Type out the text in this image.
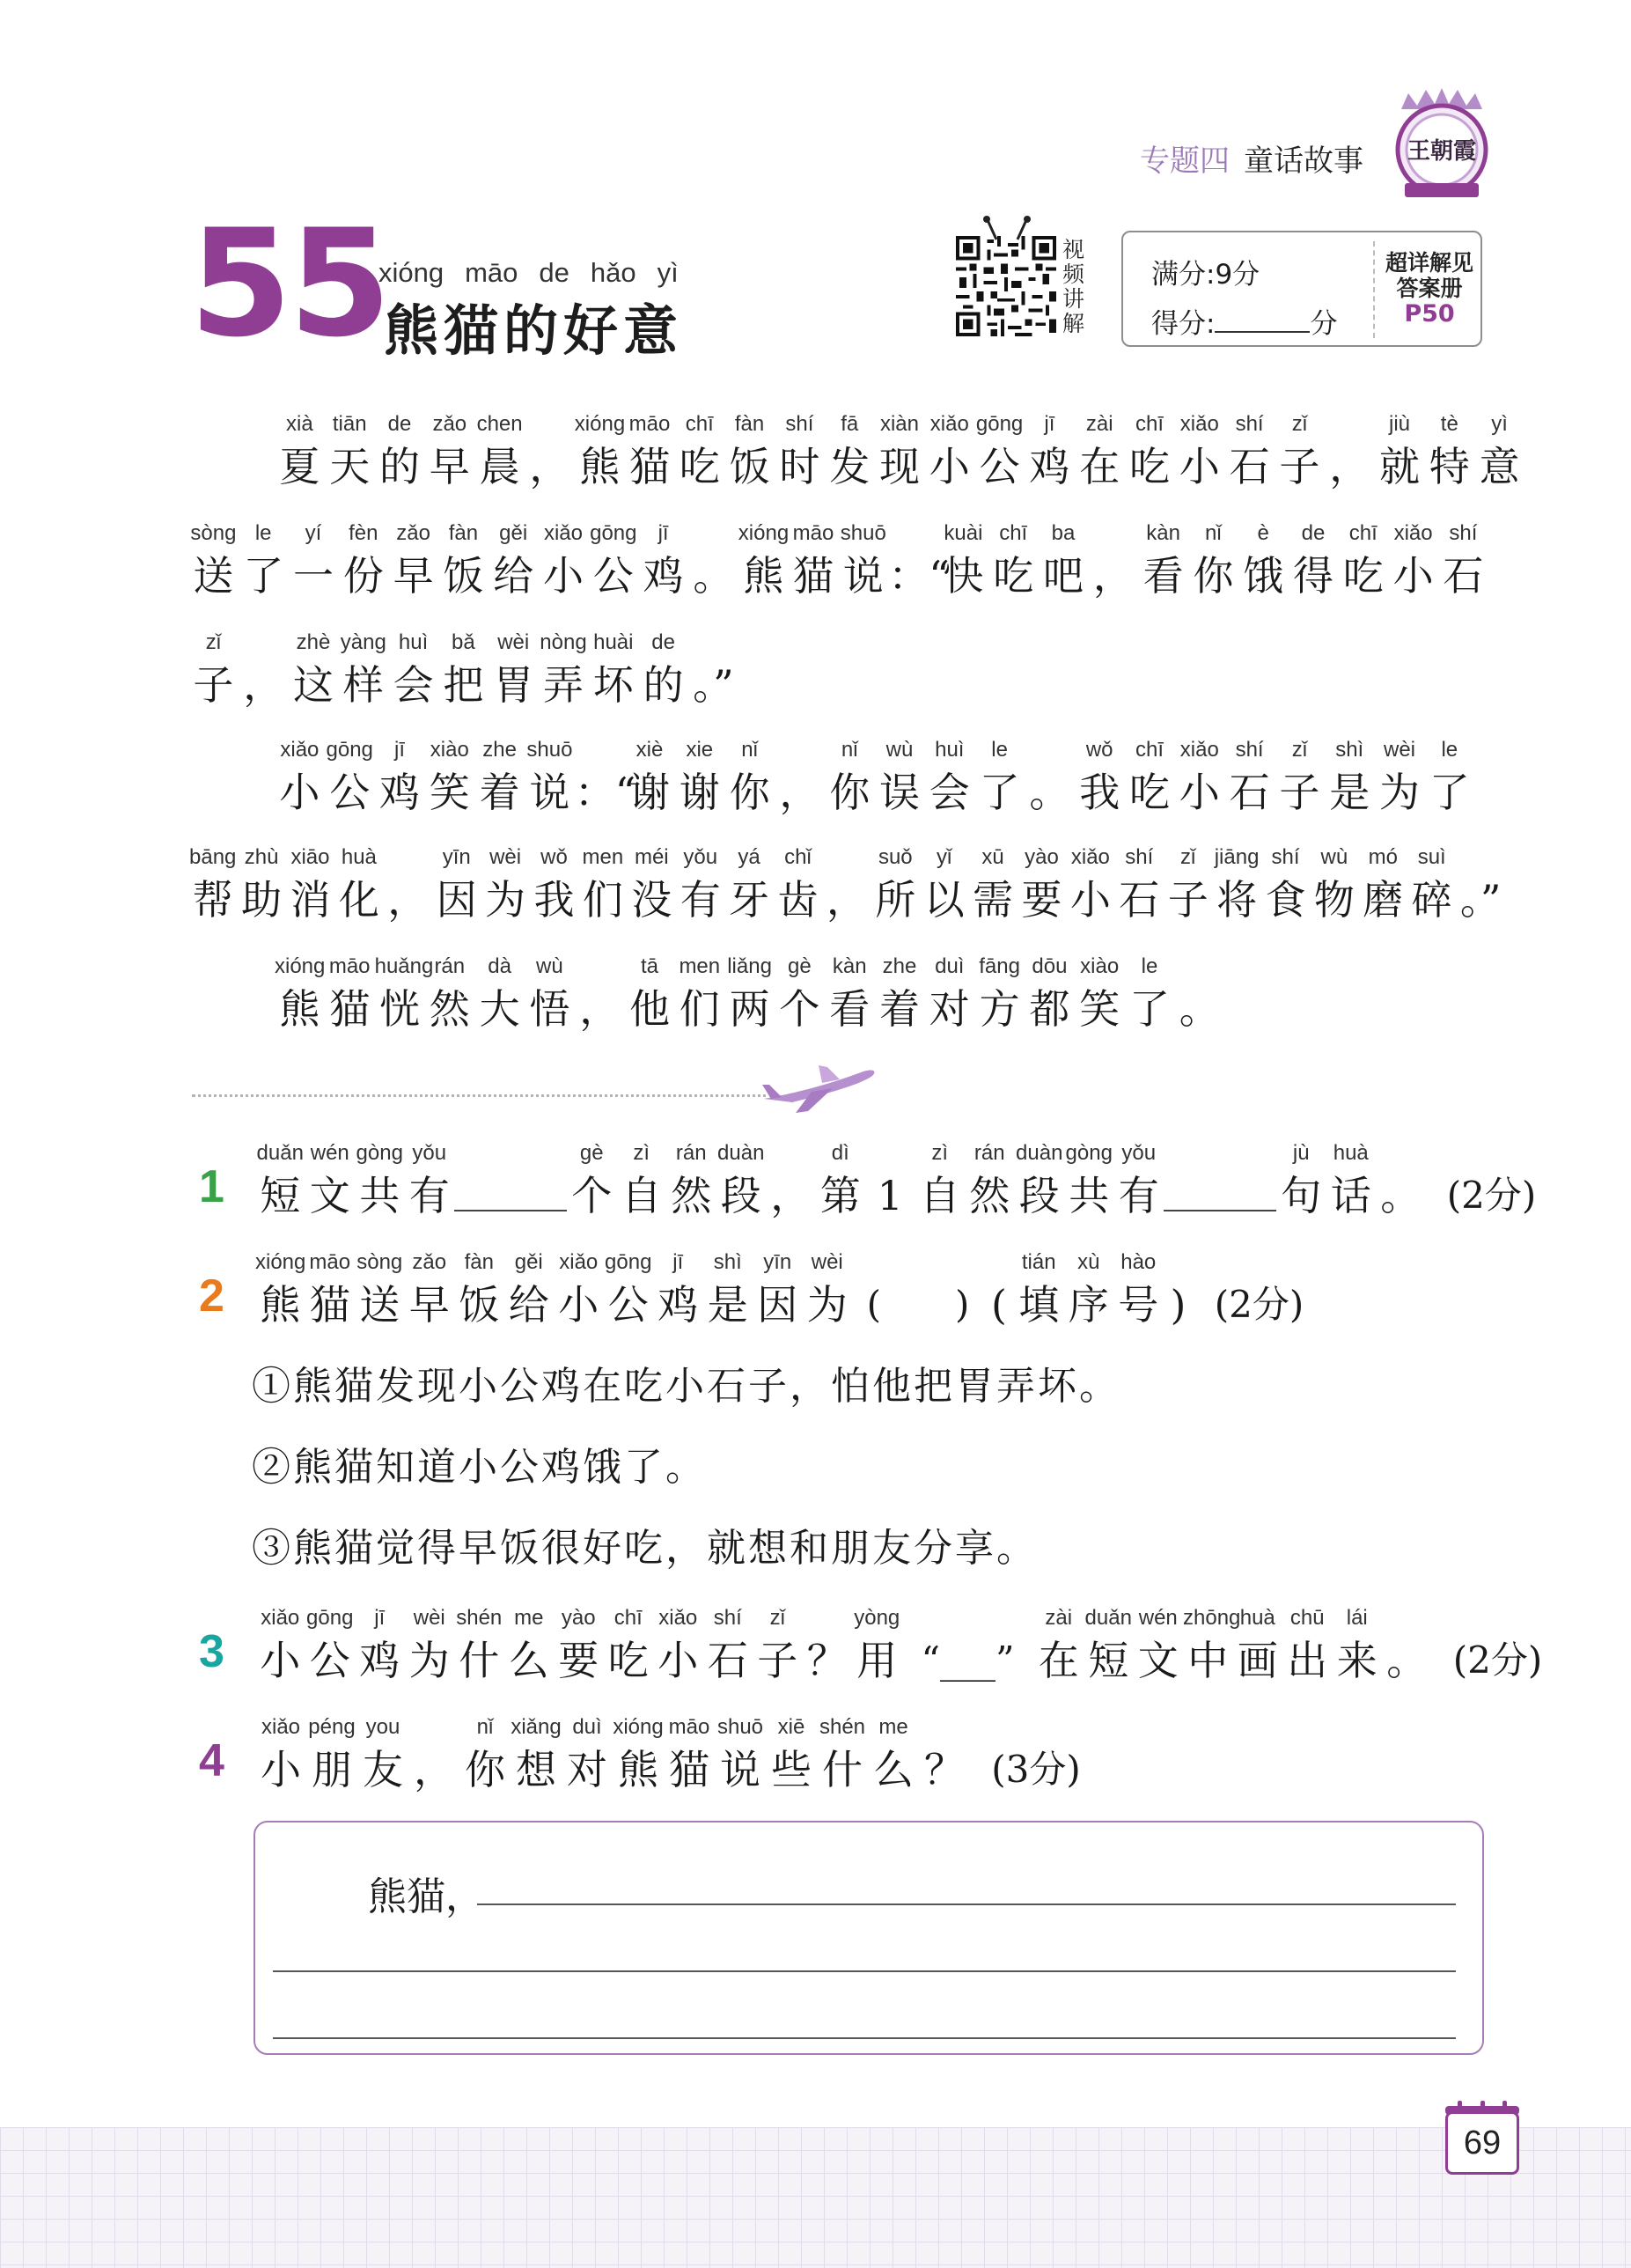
专题四 童话故事 王朝霞
55
xióng māo de hǎo yì
熊猫的好意
视
频
讲
解
满分:9分
得分:	分
超详解见
答案册
P50
xià
夏
tiān
天
de
的
zǎo
早
chen
晨 ，
xióng
熊
māo
猫
chī
吃
fàn
饭
shí
时
fā
发
xiàn
现
xiǎo
小
gōng
公
jī
鸡
zài
在
chī
吃
xiǎo
小
shí
石
zǐ
子 ，
jiù
就
tè
特
yì
意
sòng
送
le
了
yí
一
fèn
份
zǎo
早
fàn
饭
gěi
给
xiǎo
小
gōng
公
jī
鸡 。
xióng
熊
māo
猫
shuō
说 ：“
kuài
快
chī
吃
ba
吧 ，
kàn
看
nǐ
你
è
饿
de
得
chī
吃
xiǎo
小
shí
石
zǐ
子 ，
zhè
这
yàng
样
huì
会
bǎ
把
wèi
胃
nòng
弄
huài
坏
de
的 。”
xiǎo
小
gōng
公
jī
鸡
xiào
笑
zhe
着
shuō
说 ：“
xiè
谢
xie
谢
nǐ
你 ，
nǐ
你
wù
误
huì
会
le
了 。
wǒ
我
chī
吃
xiǎo
小
shí
石
zǐ
子
shì
是
wèi
为
le
了
bāng
帮
zhù
助
xiāo
消
huà
化 ，
yīn
因
wèi
为
wǒ
我
men
们
méi
没
yǒu
有
yá
牙
chǐ
齿 ，
suǒ
所
yǐ
以
xū
需
yào
要
xiǎo
小
shí
石
zǐ
子
jiāng
将
shí
食
wù
物
mó
磨
suì
碎 。”
xióng
熊
māo
猫
huǎng
恍
rán
然
dà
大
wù
悟 ，
tā
他
men
们
liǎng
两
gè
个
kàn
看
zhe
着
duì
对
fāng
方
dōu
都
xiào
笑
le
了 。
1
duǎn
短
wén
文
gòng
共
yǒu
有
gè
个
zì
自
rán
然
duàn
段 ，
dì
第 1
zì
自
rán
然
duàn
段
gòng
共
yǒu
有
jù
句
huà
话 。 (2分)
2
xióng
熊
māo
猫
sòng
送
zǎo
早
fàn
饭
gěi
给
xiǎo
小
gōng
公
jī
鸡
shì
是
yīn
因
wèi
为 (　　) (
tián
填
xù
序
hào
号 ) (2分)
①熊猫发现小公鸡在吃小石子，怕他把胃弄坏。
②熊猫知道小公鸡饿了。
③熊猫觉得早饭很好吃，就想和朋友分享。
3
xiǎo
小
gōng
公
jī
鸡
wèi
为
shén
什
me
么
yào
要
chī
吃
xiǎo
小
shí
石
zǐ
子 ？
yòng
用 “___”
zài
在
duǎn
短
wén
文
zhōng
中
huà
画
chū
出
lái
来 。 (2分)
4
xiǎo
小
péng
朋
you
友 ，
nǐ
你
xiǎng
想
duì
对
xióng
熊
māo
猫
shuō
说
xiē
些
shén
什
me
么 ？ (3分)
熊猫，
69
